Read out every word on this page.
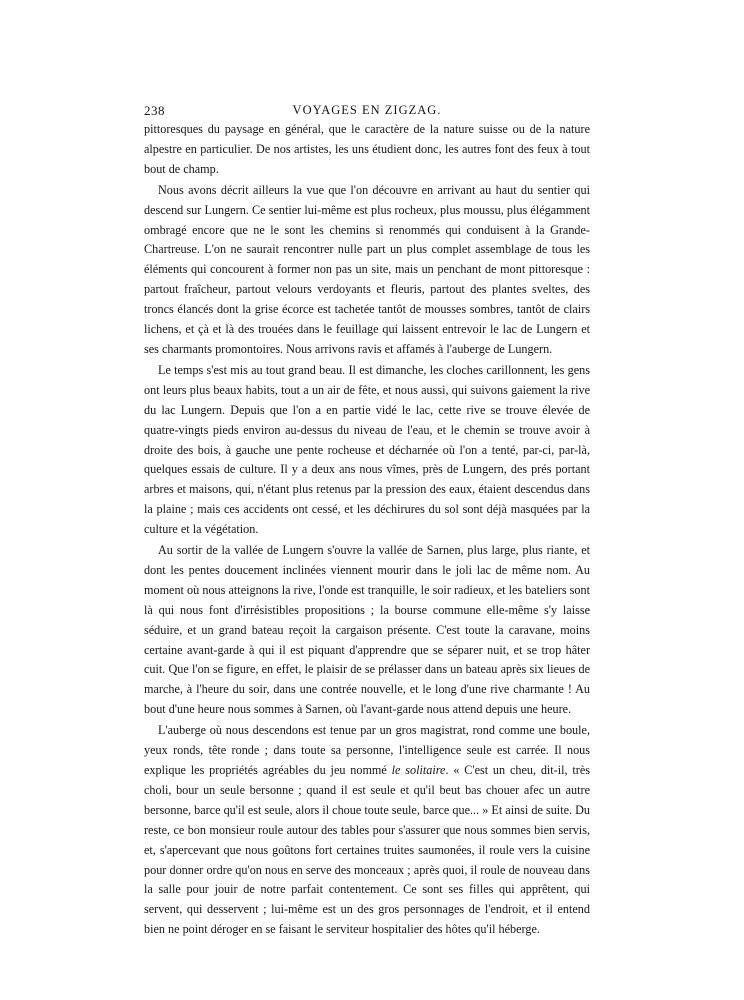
238	VOYAGES EN ZIGZAG.

pittoresques du paysage en général, que le caractère de la nature suisse ou de la nature alpestre en particulier. De nos artistes, les uns étudient donc, les autres font des feux à tout bout de champ.

Nous avons décrit ailleurs la vue que l'on découvre en arrivant au haut du sentier qui descend sur Lungern. Ce sentier lui-même est plus rocheux, plus moussu, plus élégamment ombragé encore que ne le sont les chemins si renommés qui conduisent à la Grande-Chartreuse. L'on ne saurait rencontrer nulle part un plus complet assemblage de tous les éléments qui concourent à former non pas un site, mais un penchant de mont pittoresque : partout fraîcheur, partout velours verdoyants et fleuris, partout des plantes sveltes, des troncs élancés dont la grise écorce est tachetée tantôt de mousses sombres, tantôt de clairs lichens, et çà et là des trouées dans le feuillage qui laissent entrevoir le lac de Lungern et ses charmants promontoires. Nous arrivons ravis et affamés à l'auberge de Lungern.

Le temps s'est mis au tout grand beau. Il est dimanche, les cloches carillonnent, les gens ont leurs plus beaux habits, tout a un air de fête, et nous aussi, qui suivons gaiement la rive du lac Lungern. Depuis que l'on a en partie vidé le lac, cette rive se trouve élevée de quatre-vingts pieds environ au-dessus du niveau de l'eau, et le chemin se trouve avoir à droite des bois, à gauche une pente rocheuse et décharnée où l'on a tenté, par-ci, par-là, quelques essais de culture. Il y a deux ans nous vîmes, près de Lungern, des prés portant arbres et maisons, qui, n'étant plus retenus par la pression des eaux, étaient descendus dans la plaine ; mais ces accidents ont cessé, et les déchirures du sol sont déjà masquées par la culture et la végétation.

Au sortir de la vallée de Lungern s'ouvre la vallée de Sarnen, plus large, plus riante, et dont les pentes doucement inclinées viennent mourir dans le joli lac de même nom. Au moment où nous atteignons la rive, l'onde est tranquille, le soir radieux, et les bateliers sont là qui nous font d'irrésistibles propositions ; la bourse commune elle-même s'y laisse séduire, et un grand bateau reçoit la cargaison présente. C'est toute la caravane, moins certaine avant-garde à qui il est piquant d'apprendre que se séparer nuit, et se trop hâter cuit. Que l'on se figure, en effet, le plaisir de se prélasser dans un bateau après six lieues de marche, à l'heure du soir, dans une contrée nouvelle, et le long d'une rive charmante ! Au bout d'une heure nous sommes à Sarnen, où l'avant-garde nous attend depuis une heure.

L'auberge où nous descendons est tenue par un gros magistrat, rond comme une boule, yeux ronds, tête ronde ; dans toute sa personne, l'intelligence seule est carrée. Il nous explique les propriétés agréables du jeu nommé le solitaire. « C'est un cheu, dit-il, très choli, bour un seule bersonne ; quand il est seule et qu'il beut bas chouer afec un autre bersonne, barce qu'il est seule, alors il choue toute seule, barce que... » Et ainsi de suite. Du reste, ce bon monsieur roule autour des tables pour s'assurer que nous sommes bien servis, et, s'apercevant que nous goûtons fort certaines truites saumonées, il roule vers la cuisine pour donner ordre qu'on nous en serve des monceaux ; après quoi, il roule de nouveau dans la salle pour jouir de notre parfait contentement. Ce sont ses filles qui apprêtent, qui servent, qui desservent ; lui-même est un des gros personnages de l'endroit, et il entend bien ne point déroger en se faisant le serviteur hospitalier des hôtes qu'il héberge.
